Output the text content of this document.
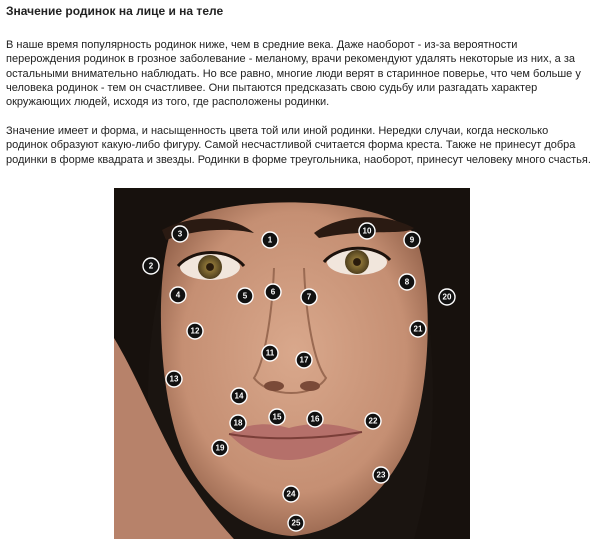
Значение родинок на лице и на теле

В наше время популярность родинок ниже, чем в средние века. Даже наоборот - из-за вероятности перерождения родинок в грозное заболевание - меланому, врачи рекомендуют удалять некоторые из них, а за остальными внимательно наблюдать. Но все равно, многие люди верят в старинное поверье, что чем больше у человека родинок - тем он счастливее. Они пытаются предсказать свою судьбу или разгадать характер окружающих людей, исходя из того, где расположены родинки.

Значение имеет и форма, и насыщенность цвета той или иной родинки. Нередки случаи, когда несколько родинок образуют какую-либо фигуру. Самой несчастливой считается форма креста. Также не принесут добра родинки в форме квадрата и звезды. Родинки в форме треугольника, наоборот, принесут человеку много счастья.

1
2
3
4	5	6
7
8
9
10
11
12
13
14
15	16
17
18
19
20
21
22
23
24
25
